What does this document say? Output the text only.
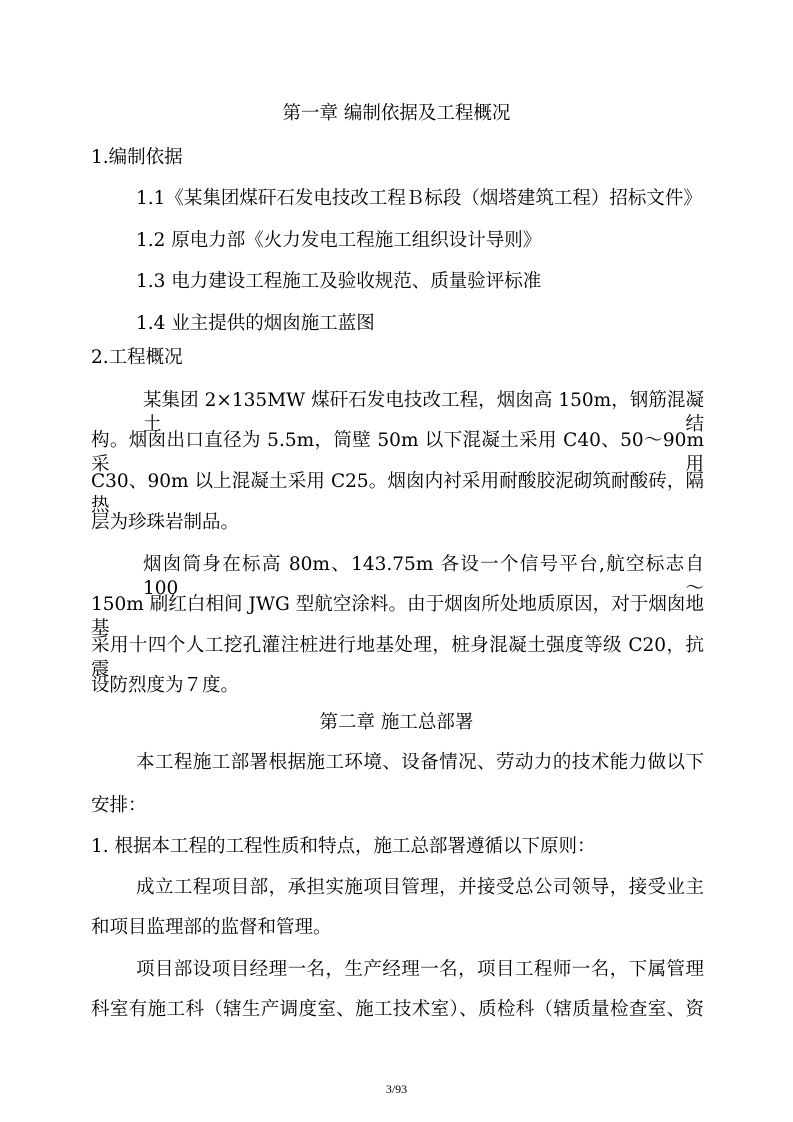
第一章 编制依据及工程概况
1.编制依据
1.1《某集团煤矸石发电技改工程Ｂ标段（烟塔建筑工程）招标文件》
1.2 原电力部《火力发电工程施工组织设计导则》
1.3 电力建设工程施工及验收规范、质量验评标准
1.4 业主提供的烟囱施工蓝图
2.工程概况
某集团 2×135MW 煤矸石发电技改工程，烟囱高 150m，钢筋混凝土结
构。烟囱出口直径为 5.5m，筒壁 50m 以下混凝土采用 C40、50～90m 采用
C30、90m 以上混凝土采用 C25。烟囱内衬采用耐酸胶泥砌筑耐酸砖，隔热
层为珍珠岩制品。
烟囱筒身在标高 80m、143.75m 各设一个信号平台,航空标志自 100～
150m 刷红白相间 JWG 型航空涂料。由于烟囱所处地质原因，对于烟囱地基
采用十四个人工挖孔灌注桩进行地基处理，桩身混凝土强度等级 C20，抗震
设防烈度为７度。
第二章 施工总部署
本工程施工部署根据施工环境、设备情况、劳动力的技术能力做以下
安排：
1. 根据本工程的工程性质和特点，施工总部署遵循以下原则：
成立工程项目部，承担实施项目管理，并接受总公司领导，接受业主
和项目监理部的监督和管理。
项目部设项目经理一名，生产经理一名，项目工程师一名，下属管理
科室有施工科（辖生产调度室、施工技术室）、质检科（辖质量检查室、资
3/93
